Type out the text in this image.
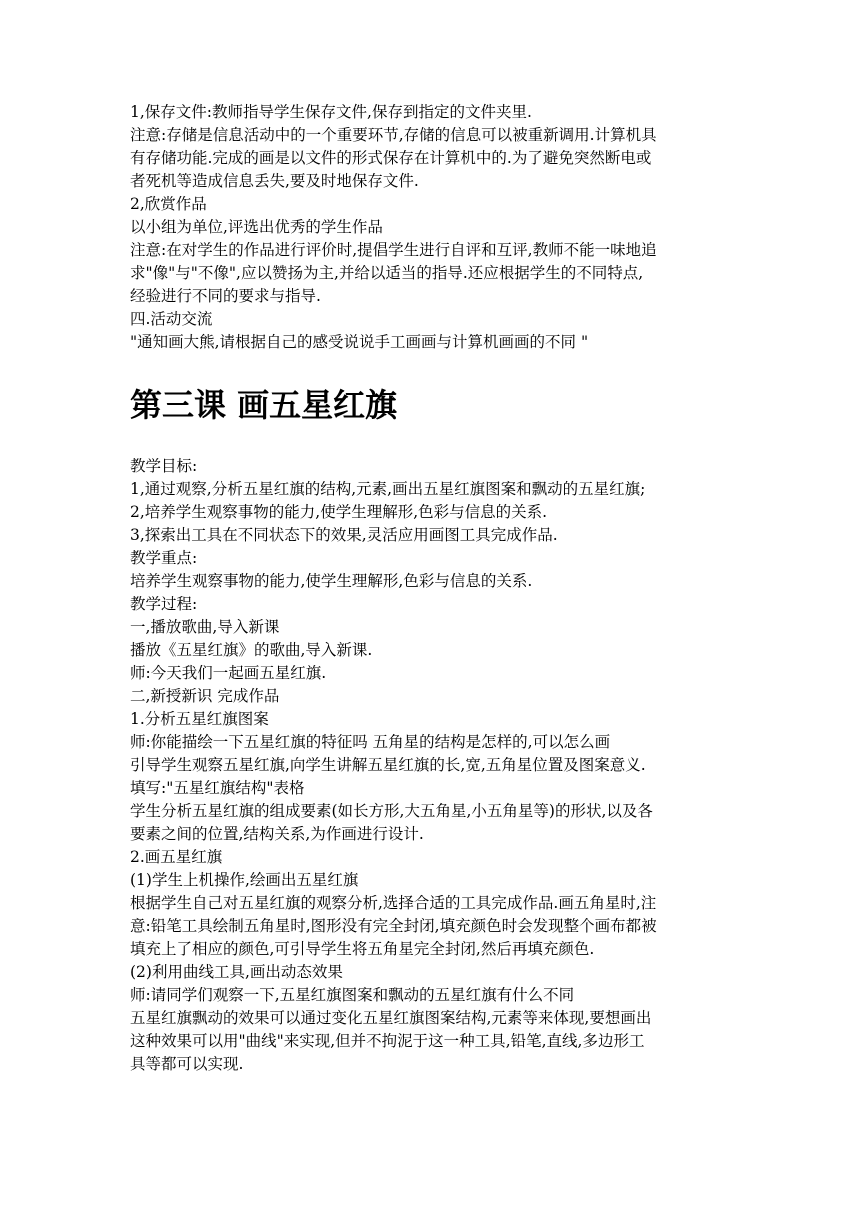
1,保存文件:教师指导学生保存文件,保存到指定的文件夹里.
注意:存储是信息活动中的一个重要环节,存储的信息可以被重新调用.计算机具
有存储功能.完成的画是以文件的形式保存在计算机中的.为了避免突然断电或
者死机等造成信息丢失,要及时地保存文件.
2,欣赏作品
以小组为单位,评选出优秀的学生作品
注意:在对学生的作品进行评价时,提倡学生进行自评和互评,教师不能一味地追
求"像"与"不像",应以赞扬为主,并给以适当的指导.还应根据学生的不同特点,
经验进行不同的要求与指导.
四.活动交流
"通知画大熊,请根据自己的感受说说手工画画与计算机画画的不同 "
第三课 画五星红旗
教学目标:
1,通过观察,分析五星红旗的结构,元素,画出五星红旗图案和飘动的五星红旗;
2,培养学生观察事物的能力,使学生理解形,色彩与信息的关系.
3,探索出工具在不同状态下的效果,灵活应用画图工具完成作品.
教学重点:
培养学生观察事物的能力,使学生理解形,色彩与信息的关系.
教学过程:
一,播放歌曲,导入新课
播放《五星红旗》的歌曲,导入新课.
师:今天我们一起画五星红旗.
二,新授新识 完成作品
1.分析五星红旗图案
师:你能描绘一下五星红旗的特征吗 五角星的结构是怎样的,可以怎么画
引导学生观察五星红旗,向学生讲解五星红旗的长,宽,五角星位置及图案意义.
填写:"五星红旗结构"表格
学生分析五星红旗的组成要素(如长方形,大五角星,小五角星等)的形状,以及各
要素之间的位置,结构关系,为作画进行设计.
2.画五星红旗
(1)学生上机操作,绘画出五星红旗
根据学生自己对五星红旗的观察分析,选择合适的工具完成作品.画五角星时,注
意:铅笔工具绘制五角星时,图形没有完全封闭,填充颜色时会发现整个画布都被
填充上了相应的颜色,可引导学生将五角星完全封闭,然后再填充颜色.
(2)利用曲线工具,画出动态效果
师:请同学们观察一下,五星红旗图案和飘动的五星红旗有什么不同
五星红旗飘动的效果可以通过变化五星红旗图案结构,元素等来体现,要想画出
这种效果可以用"曲线"来实现,但并不拘泥于这一种工具,铅笔,直线,多边形工
具等都可以实现.
